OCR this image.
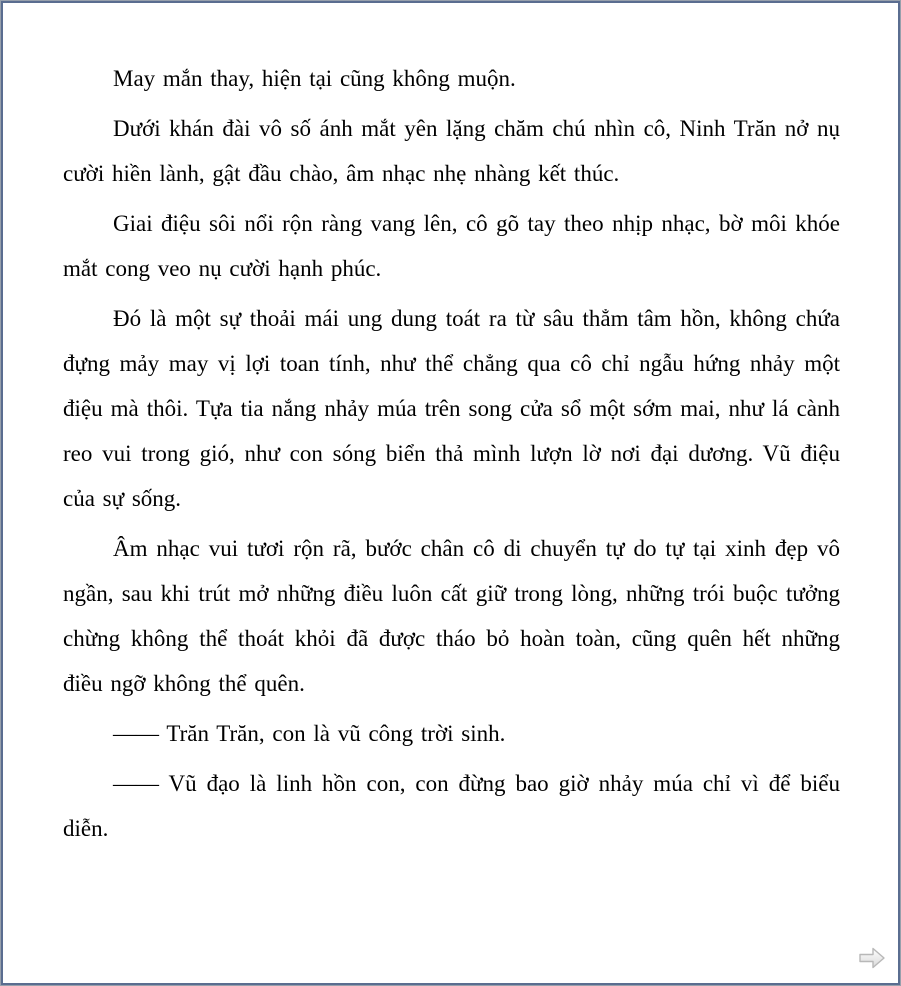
May mắn thay, hiện tại cũng không muộn.

Dưới khán đài vô số ánh mắt yên lặng chăm chú nhìn cô, Ninh Trăn nở nụ cười hiền lành, gật đầu chào, âm nhạc nhẹ nhàng kết thúc.

Giai điệu sôi nổi rộn ràng vang lên, cô gõ tay theo nhịp nhạc, bờ môi khóe mắt cong veo nụ cười hạnh phúc.

Đó là một sự thoải mái ung dung toát ra từ sâu thẳm tâm hồn, không chứa đựng mảy may vị lợi toan tính, như thể chẳng qua cô chỉ ngẫu hứng nhảy một điệu mà thôi. Tựa tia nắng nhảy múa trên song cửa sổ một sớm mai, như lá cành reo vui trong gió, như con sóng biển thả mình lượn lờ nơi đại dương. Vũ điệu của sự sống.

Âm nhạc vui tươi rộn rã, bước chân cô di chuyển tự do tự tại xinh đẹp vô ngần, sau khi trút mở những điều luôn cất giữ trong lòng, những trói buộc tưởng chừng không thể thoát khỏi đã được tháo bỏ hoàn toàn, cũng quên hết những điều ngỡ không thể quên.

—— Trăn Trăn, con là vũ công trời sinh.

—— Vũ đạo là linh hồn con, con đừng bao giờ nhảy múa chỉ vì để biểu diễn.
